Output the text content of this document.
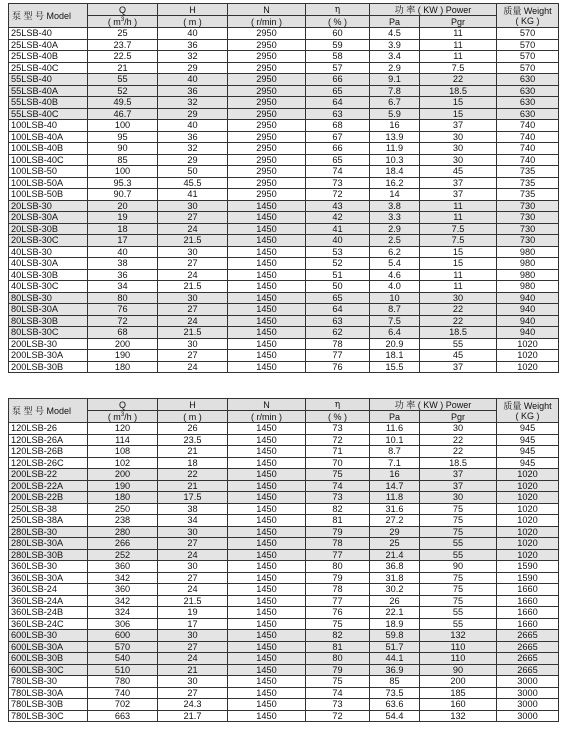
泵 型 号 Model	Q	H	N	η	功 率 ( KW ) Power		质量 Weight
( KG )
	( $m^3/h$ )	( m )	( r/min )	( % )	Pa	Pgr	
25LSB-40	25	40	2950	60	4.5	11	570
25LSB-40A	23.7	36	2950	59	3.9	11	570
25LSB-40B	22.5	32	2950	58	3.4	11	570
25LSB-40C	21	29	2950	57	2.9	7.5	570
55LSB-40	55	40	2950	66	9.1	22	630
55LSB-40A	52	36	2950	65	7.8	18.5	630
55LSB-40B	49.5	32	2950	64	6.7	15	630
55LSB-40C	46.7	29	2950	63	5.9	15	630
100LSB-40	100	40	2950	68	16	37	740
100LSB-40A	95	36	2950	67	13.9	30	740
100LSB-40B	90	32	2950	66	11.9	30	740
100LSB-40C	85	29	2950	65	10.3	30	740
100LSB-50	100	50	2950	74	18.4	45	735
100LSB-50A	95.3	45.5	2950	73	16.2	37	735
100LSB-50B	90.7	41	2950	72	14	37	735
20LSB-30	20	30	1450	43	3.8	11	730
20LSB-30A	19	27	1450	42	3.3	11	730
20LSB-30B	18	24	1450	41	2.9	7.5	730
20LSB-30C	17	21.5	1450	40	2.5	7.5	730
40LSB-30	40	30	1450	53	6.2	15	980
40LSB-30A	38	27	1450	52	5.4	15	980
40LSB-30B	36	24	1450	51	4.6	11	980
40LSB-30C	34	21.5	1450	50	4.0	11	980
80LSB-30	80	30	1450	65	10	30	940
80LSB-30A	76	27	1450	64	8.7	22	940
80LSB-30B	72	24	1450	63	7.5	22	940
80LSB-30C	68	21.5	1450	62	6.4	18.5	940
200LSB-30	200	30	1450	78	20.9	55	1020
200LSB-30A	190	27	1450	77	18.1	45	1020
200LSB-30B	180	24	1450	76	15.5	37	1020
泵 型 号 Model	Q	H	N	η	功 率 ( KW ) Power		质量 Weight
( KG )
	( $m^3/h$ )	( m )	( r/min )	( % )	Pa	Pgr	
120LSB-26	120	26	1450	73	11.6	30	945
120LSB-26A	114	23.5	1450	72	10.1	22	945
120LSB-26B	108	21	1450	71	8.7	22	945
120LSB-26C	102	18	1450	70	7.1	18.5	945
200LSB-22	200	22	1450	75	16	37	1020
200LSB-22A	190	21	1450	74	14.7	37	1020
200LSB-22B	180	17.5	1450	73	11.8	30	1020
250LSB-38	250	38	1450	82	31.6	75	1020
250LSB-38A	238	34	1450	81	27.2	75	1020
280LSB-30	280	30	1450	79	29	75	1020
280LSB-30A	266	27	1450	78	25	55	1020
280LSB-30B	252	24	1450	77	21.4	55	1020
360LSB-30	360	30	1450	80	36.8	90	1590
360LSB-30A	342	27	1450	79	31.8	75	1590
360LSB-24	360	24	1450	78	30.2	75	1660
360LSB-24A	342	21.5	1450	77	26	75	1660
360LSB-24B	324	19	1450	76	22.1	55	1660
360LSB-24C	306	17	1450	75	18.9	55	1660
600LSB-30	600	30	1450	82	59.8	132	2665
600LSB-30A	570	27	1450	81	51.7	110	2665
600LSB-30B	540	24	1450	80	44.1	110	2665
600LSB-30C	510	21	1450	79	36.9	90	2665
780LSB-30	780	30	1450	75	85	200	3000
780LSB-30A	740	27	1450	74	73.5	185	3000
780LSB-30B	702	24.3	1450	73	63.6	160	3000
780LSB-30C	663	21.7	1450	72	54.4	132	3000
